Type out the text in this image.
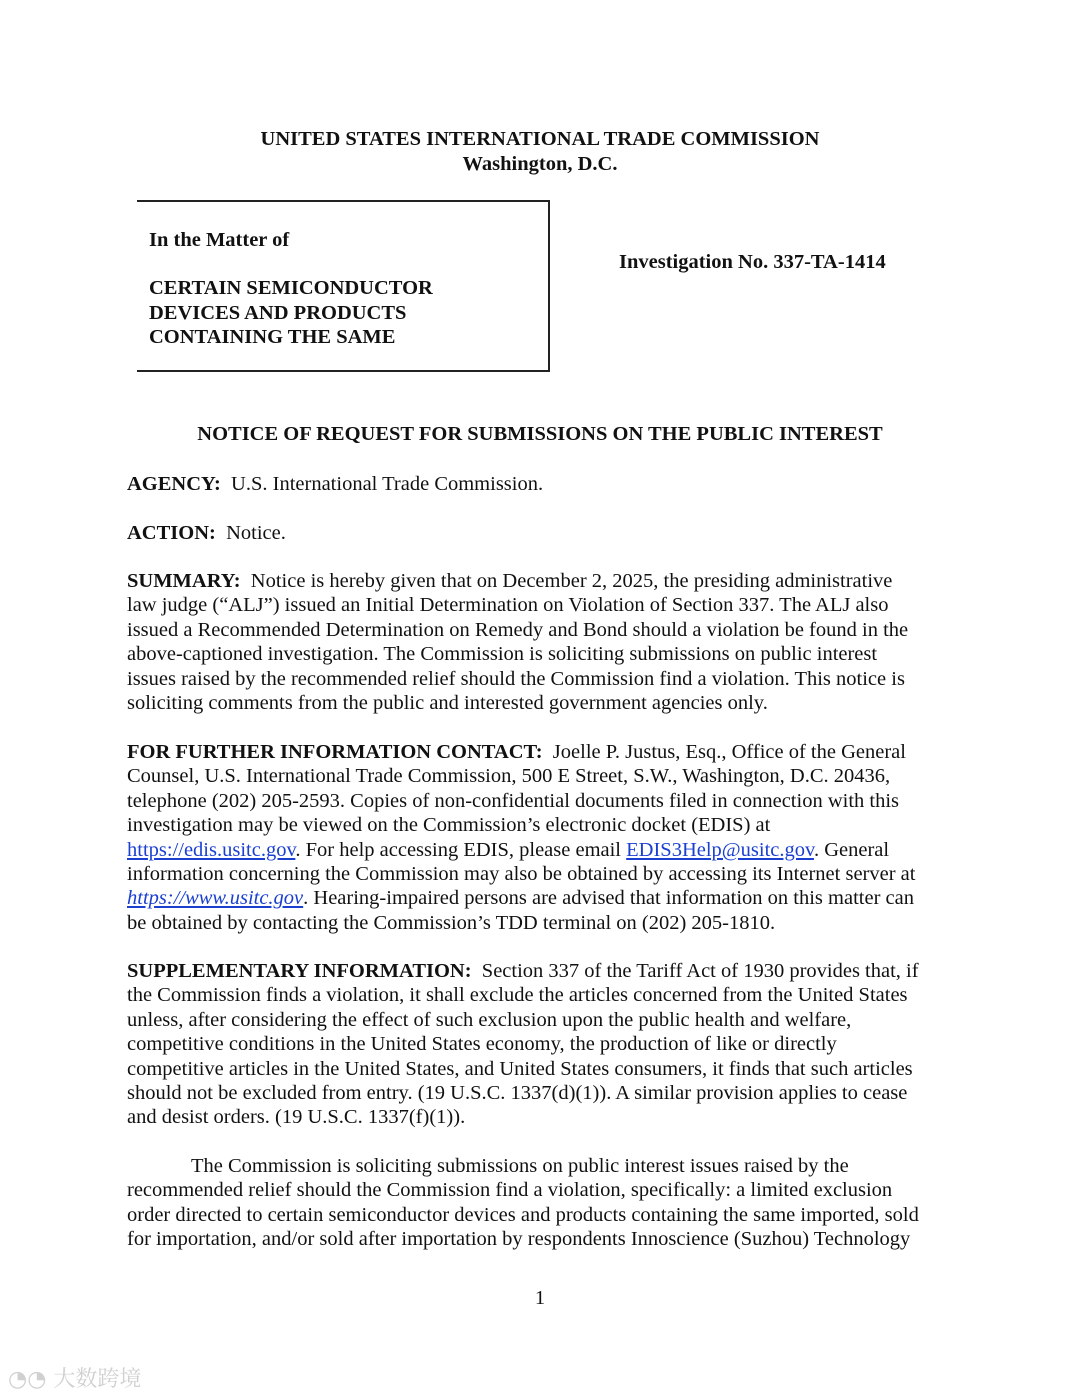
UNITED STATES INTERNATIONAL TRADE COMMISSION
Washington, D.C.
In the Matter of
CERTAIN SEMICONDUCTOR
DEVICES AND PRODUCTS
CONTAINING THE SAME
Investigation No. 337-TA-1414
NOTICE OF REQUEST FOR SUBMISSIONS ON THE PUBLIC INTEREST
AGENCY: U.S. International Trade Commission.
ACTION: Notice.
SUMMARY: Notice is hereby given that on December 2, 2025, the presiding administrative
law judge (“ALJ”) issued an Initial Determination on Violation of Section 337. The ALJ also
issued a Recommended Determination on Remedy and Bond should a violation be found in the
above-captioned investigation. The Commission is soliciting submissions on public interest
issues raised by the recommended relief should the Commission find a violation. This notice is
soliciting comments from the public and interested government agencies only.
FOR FURTHER INFORMATION CONTACT: Joelle P. Justus, Esq., Office of the General
Counsel, U.S. International Trade Commission, 500 E Street, S.W., Washington, D.C. 20436,
telephone (202) 205-2593. Copies of non-confidential documents filed in connection with this
investigation may be viewed on the Commission’s electronic docket (EDIS) at
https://edis.usitc.gov. For help accessing EDIS, please email EDIS3Help@usitc.gov. General
information concerning the Commission may also be obtained by accessing its Internet server at
https://www.usitc.gov. Hearing-impaired persons are advised that information on this matter can
be obtained by contacting the Commission’s TDD terminal on (202) 205-1810.
SUPPLEMENTARY INFORMATION: Section 337 of the Tariff Act of 1930 provides that, if
the Commission finds a violation, it shall exclude the articles concerned from the United States
unless, after considering the effect of such exclusion upon the public health and welfare,
competitive conditions in the United States economy, the production of like or directly
competitive articles in the United States, and United States consumers, it finds that such articles
should not be excluded from entry. (19 U.S.C. 1337(d)(1)). A similar provision applies to cease
and desist orders. (19 U.S.C. 1337(f)(1)).
The Commission is soliciting submissions on public interest issues raised by the
recommended relief should the Commission find a violation, specifically: a limited exclusion
order directed to certain semiconductor devices and products containing the same imported, sold
for importation, and/or sold after importation by respondents Innoscience (Suzhou) Technology
1
◔◔ 大数跨境
